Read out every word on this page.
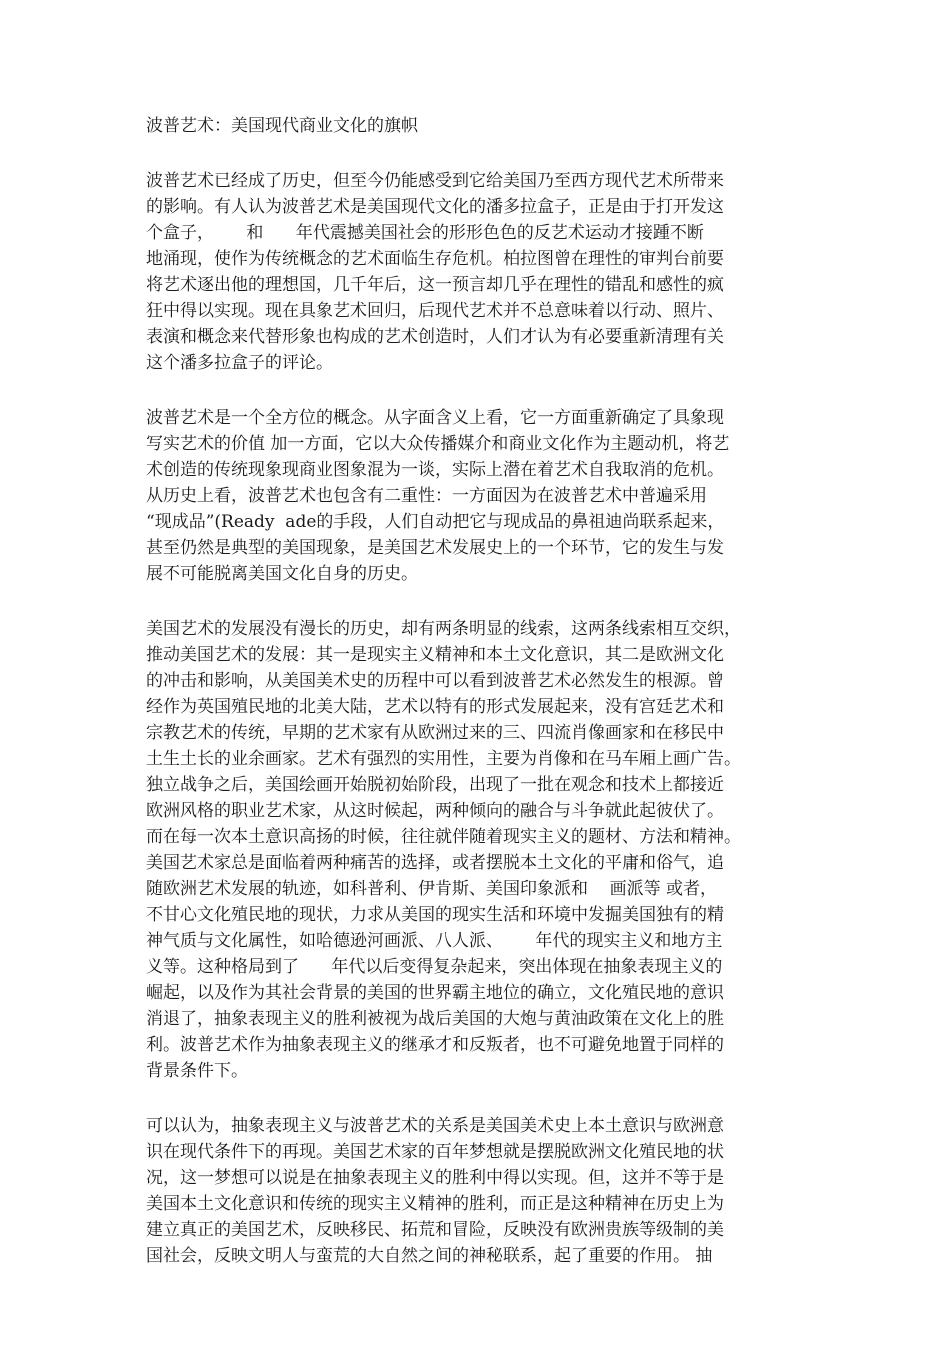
波普艺术：美国现代商业文化的旗帜
波普艺术已经成了历史，但至今仍能感受到它给美国乃至西方现代艺术所带来
的影响。有人认为波普艺术是美国现代文化的潘多拉盒子，正是由于打开发这
个盒子，      和      年代震撼美国社会的形形色色的反艺术运动才接踵不断
地涌现，使作为传统概念的艺术面临生存危机。柏拉图曾在理性的审判台前要
将艺术逐出他的理想国，几千年后，这一预言却几乎在理性的错乱和感性的疯
狂中得以实现。现在具象艺术回归，后现代艺术并不总意味着以行动、照片、
表演和概念来代替形象也构成的艺术创造时，人们才认为有必要重新清理有关
这个潘多拉盒子的评论。
波普艺术是一个全方位的概念。从字面含义上看，它一方面重新确定了具象现
写实艺术的价值 加一方面，它以大众传播媒介和商业文化作为主题动机，将艺
术创造的传统现象现商业图象混为一谈，实际上潜在着艺术自我取消的危机。
从历史上看，波普艺术也包含有二重性：一方面因为在波普艺术中普遍采用
“现成品”(Ready  ade的手段，人们自动把它与现成品的鼻祖迪尚联系起来，
甚至仍然是典型的美国现象，是美国艺术发展史上的一个环节，它的发生与发
展不可能脱离美国文化自身的历史。
美国艺术的发展没有漫长的历史，却有两条明显的线索，这两条线索相互交织，
推动美国艺术的发展：其一是现实主义精神和本土文化意识，其二是欧洲文化
的冲击和影响，从美国美术史的历程中可以看到波普艺术必然发生的根源。曾
经作为英国殖民地的北美大陆，艺术以特有的形式发展起来，没有宫廷艺术和
宗教艺术的传统，早期的艺术家有从欧洲过来的三、四流肖像画家和在移民中
土生土长的业余画家。艺术有强烈的实用性，主要为肖像和在马车厢上画广告。
独立战争之后，美国绘画开始脱初始阶段，出现了一批在观念和技术上都接近
欧洲风格的职业艺术家，从这时候起，两种倾向的融合与斗争就此起彼伏了。
而在每一次本土意识高扬的时候，往往就伴随着现实主义的题材、方法和精神。
美国艺术家总是面临着两种痛苦的选择，或者摆脱本土文化的平庸和俗气，追
随欧洲艺术发展的轨迹，如科普利、伊肯斯、美国印象派和    画派等 或者，
不甘心文化殖民地的现状，力求从美国的现实生活和环境中发掘美国独有的精
神气质与文化属性，如哈德逊河画派、八人派、      年代的现实主义和地方主
义等。这种格局到了      年代以后变得复杂起来，突出体现在抽象表现主义的
崛起，以及作为其社会背景的美国的世界霸主地位的确立，文化殖民地的意识
消退了，抽象表现主义的胜利被视为战后美国的大炮与黄油政策在文化上的胜
利。波普艺术作为抽象表现主义的继承才和反叛者，也不可避免地置于同样的
背景条件下。
可以认为，抽象表现主义与波普艺术的关系是美国美术史上本土意识与欧洲意
识在现代条件下的再现。美国艺术家的百年梦想就是摆脱欧洲文化殖民地的状
况，这一梦想可以说是在抽象表现主义的胜利中得以实现。但，这并不等于是
美国本土文化意识和传统的现实主义精神的胜利，而正是这种精神在历史上为
建立真正的美国艺术，反映移民、拓荒和冒险，反映没有欧洲贵族等级制的美
国社会，反映文明人与蛮荒的大自然之间的神秘联系，起了重要的作用。 抽
